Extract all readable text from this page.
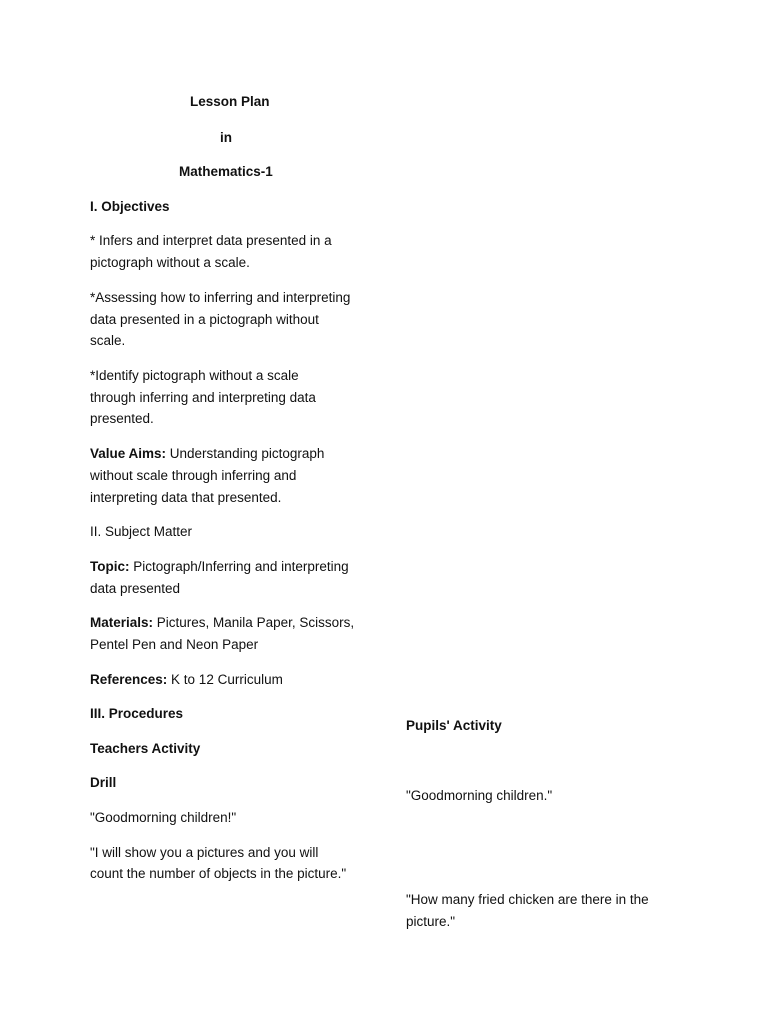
Lesson Plan
in
Mathematics-1
I. Objectives
* Infers and interpret data presented in a
pictograph without a scale.
*Assessing how to inferring and interpreting
data presented in a pictograph without
scale.
*Identify pictograph without a scale
through inferring and interpreting data
presented.
Value Aims: Understanding pictograph
without scale through inferring and
interpreting data that presented.
II. Subject Matter
Topic: Pictograph/Inferring and interpreting
data presented
Materials: Pictures, Manila Paper, Scissors,
Pentel Pen and Neon Paper
References: K to 12 Curriculum
III. Procedures
Pupils' Activity
Teachers Activity
Drill
"Goodmorning children."
"Goodmorning children!"
"I will show you a pictures and you will
count the number of objects in the picture."
"How many fried chicken are there in the
picture."
